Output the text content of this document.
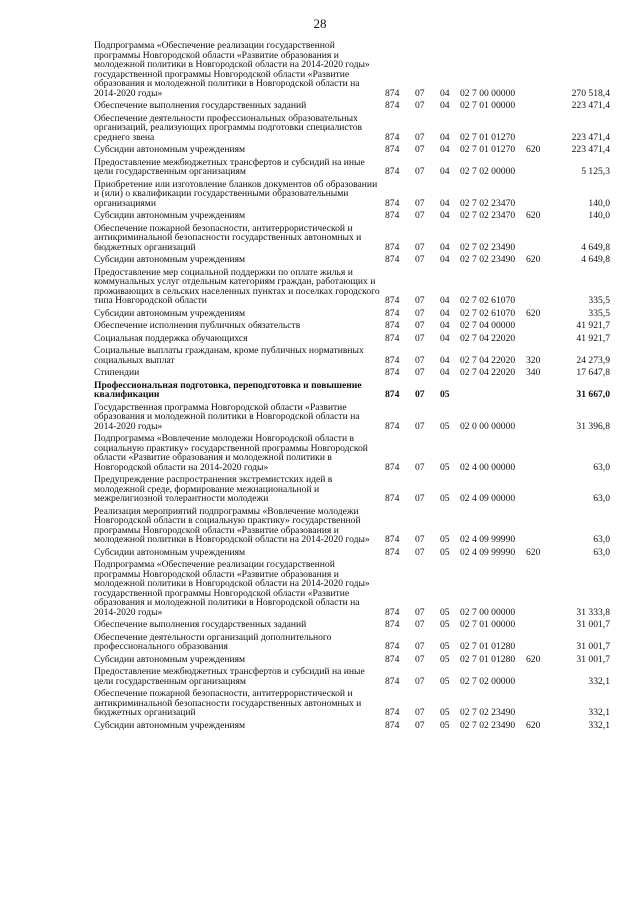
28
Подпрограмма «Обеспечение реализации государственной программы Новгородской области «Развитие образования и молодежной политики в Новгородской области на 2014-2020 годы» государственной программы Новгородской области «Развитие образования и молодежной политики в Новгородской области на 2014-2020 годы»	874	07	04	02 7 00 00000		270 518,4
Обеспечение выполнения государственных заданий	874	07	04	02 7 01 00000		223 471,4
Обеспечение деятельности профессиональных образовательных организаций, реализующих программы подготовки специалистов среднего звена	874	07	04	02 7 01 01270		223 471,4
Субсидии автономным учреждениям	874	07	04	02 7 01 01270	620	223 471,4
Предоставление межбюджетных трансфертов и субсидий на иные цели государственным организациям	874	07	04	02 7 02 00000		5 125,3
Приобретение или изготовление бланков документов об образовании и (или) о квалификации государственными образовательными организациями	874	07	04	02 7 02 23470		140,0
Субсидии автономным учреждениям	874	07	04	02 7 02 23470	620	140,0
Обеспечение пожарной безопасности, антитеррористической и антикриминальной безопасности государственных автономных и бюджетных организаций	874	07	04	02 7 02 23490		4 649,8
Субсидии автономным учреждениям	874	07	04	02 7 02 23490	620	4 649,8
Предоставление мер социальной поддержки по оплате жилья и коммунальных услуг отдельным категориям граждан, работающих и проживающих в сельских населенных пунктах и поселках городского типа Новгородской области	874	07	04	02 7 02 61070		335,5
Субсидии автономным учреждениям	874	07	04	02 7 02 61070	620	335,5
Обеспечение исполнения публичных обязательств	874	07	04	02 7 04 00000		41 921,7
Социальная поддержка обучающихся	874	07	04	02 7 04 22020		41 921,7
Социальные выплаты гражданам, кроме публичных нормативных социальных выплат	874	07	04	02 7 04 22020	320	24 273,9
Стипендии	874	07	04	02 7 04 22020	340	17 647,8
Профессиональная подготовка, переподготовка и повышение квалификации	874	07	05			31 667,0
Государственная программа Новгородской области «Развитие образования и молодежной политики в Новгородской области на 2014-2020 годы»	874	07	05	02 0 00 00000		31 396,8
Подпрограмма «Вовлечение молодежи Новгородской области в социальную практику» государственной программы Новгородской области «Развитие образования и молодежной политики в Новгородской области на 2014-2020 годы»	874	07	05	02 4 00 00000		63,0
Предупреждение распространения экстремистских идей в молодежной среде, формирование межнациональной и межрелигиозной толерантности молодежи	874	07	05	02 4 09 00000		63,0
Реализация мероприятий подпрограммы «Вовлечение молодежи Новгородской области в социальную практику» государственной программы Новгородской области «Развитие образования и молодежной политики в Новгородской области на 2014-2020 годы»	874	07	05	02 4 09 99990		63,0
Субсидии автономным учреждениям	874	07	05	02 4 09 99990	620	63,0
Подпрограмма «Обеспечение реализации государственной программы Новгородской области «Развитие образования и молодежной политики в Новгородской области на 2014-2020 годы» государственной программы Новгородской области «Развитие образования и молодежной политики в Новгородской области на 2014-2020 годы»	874	07	05	02 7 00 00000		31 333,8
Обеспечение выполнения государственных заданий	874	07	05	02 7 01 00000		31 001,7
Обеспечение деятельности организаций дополнительного профессионального образования	874	07	05	02 7 01 01280		31 001,7
Субсидии автономным учреждениям	874	07	05	02 7 01 01280	620	31 001,7
Предоставление межбюджетных трансфертов и субсидий на иные цели государственным организациям	874	07	05	02 7 02 00000		332,1
Обеспечение пожарной безопасности, антитеррористической и антикриминальной безопасности государственных автономных и бюджетных организаций	874	07	05	02 7 02 23490		332,1
Субсидии автономным учреждениям	874	07	05	02 7 02 23490	620	332,1
